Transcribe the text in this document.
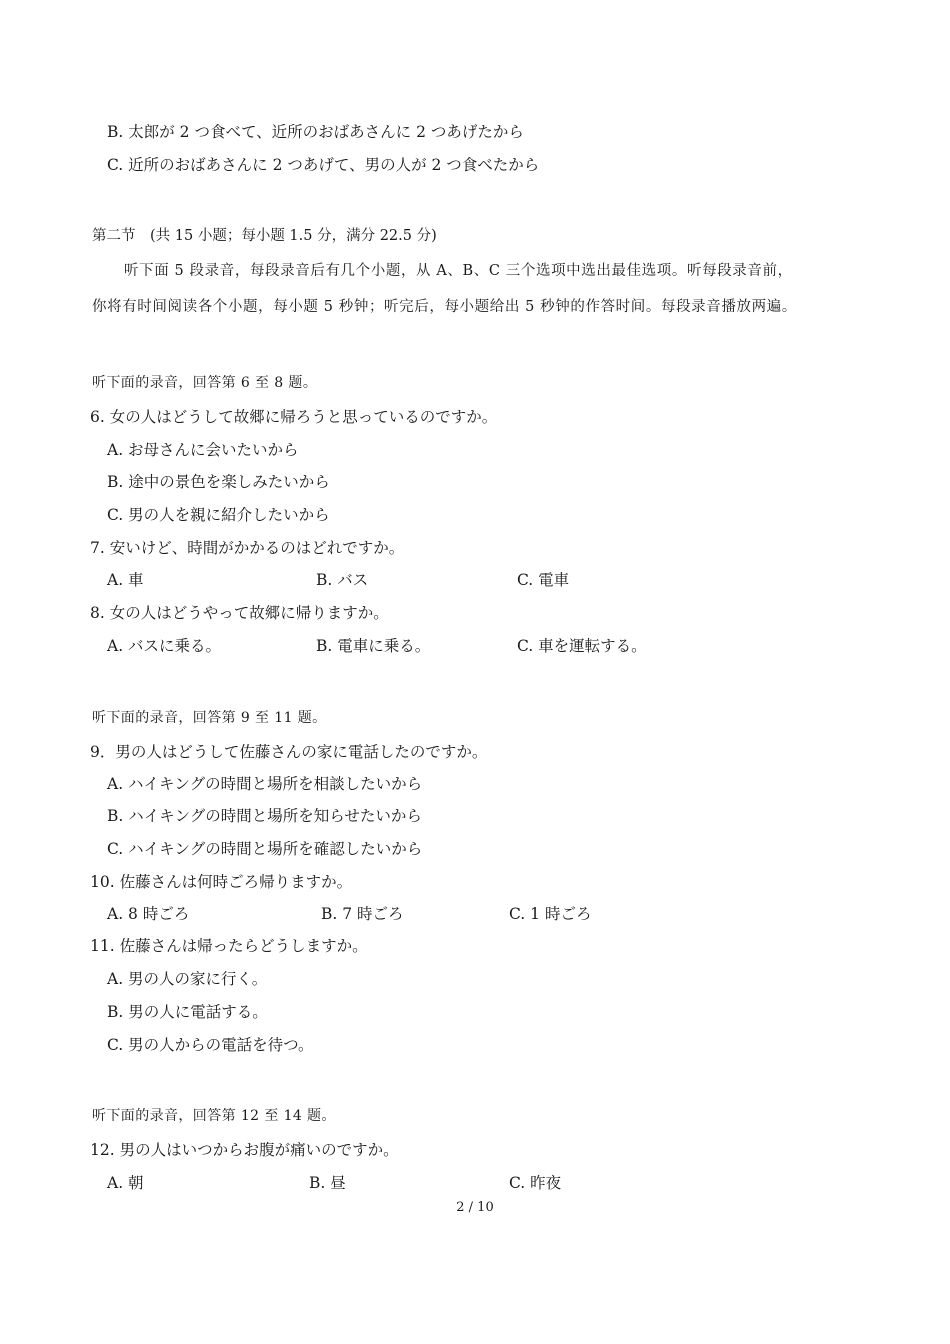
B. 太郎が 2 つ食べて、近所のおばあさんに 2 つあげたから
C. 近所のおばあさんに 2 つあげて、男の人が 2 つ食べたから
第二节　(共 15 小题；每小题 1.5 分，满分 22.5 分)
听下面 5 段录音，每段录音后有几个小题，从 A、B、C 三个选项中选出最佳选项。听每段录音前，
你将有时间阅读各个小题，每小题 5 秒钟；听完后，每小题给出 5 秒钟的作答时间。每段录音播放两遍。
听下面的录音，回答第 6 至 8 题。
6. 女の人はどうして故郷に帰ろうと思っているのですか。
A. お母さんに会いたいから
B. 途中の景色を楽しみたいから
C. 男の人を親に紹介したいから
7. 安いけど、時間がかかるのはどれですか。
A. 車	B. バス	C. 電車
8. 女の人はどうやって故郷に帰りますか。
A. バスに乗る。	B. 電車に乗る。	C. 車を運転する。
听下面的录音，回答第 9 至 11 题。
9．男の人はどうして佐藤さんの家に電話したのですか。
A. ハイキングの時間と場所を相談したいから
B. ハイキングの時間と場所を知らせたいから
C. ハイキングの時間と場所を確認したいから
10. 佐藤さんは何時ごろ帰りますか。
A. 8 時ごろ	B. 7 時ごろ	C. 1 時ごろ
11. 佐藤さんは帰ったらどうしますか。
A. 男の人の家に行く。
B. 男の人に電話する。
C. 男の人からの電話を待つ。
听下面的录音，回答第 12 至 14 题。
12. 男の人はいつからお腹が痛いのですか。
A. 朝	B. 昼	C. 昨夜
2 / 10
